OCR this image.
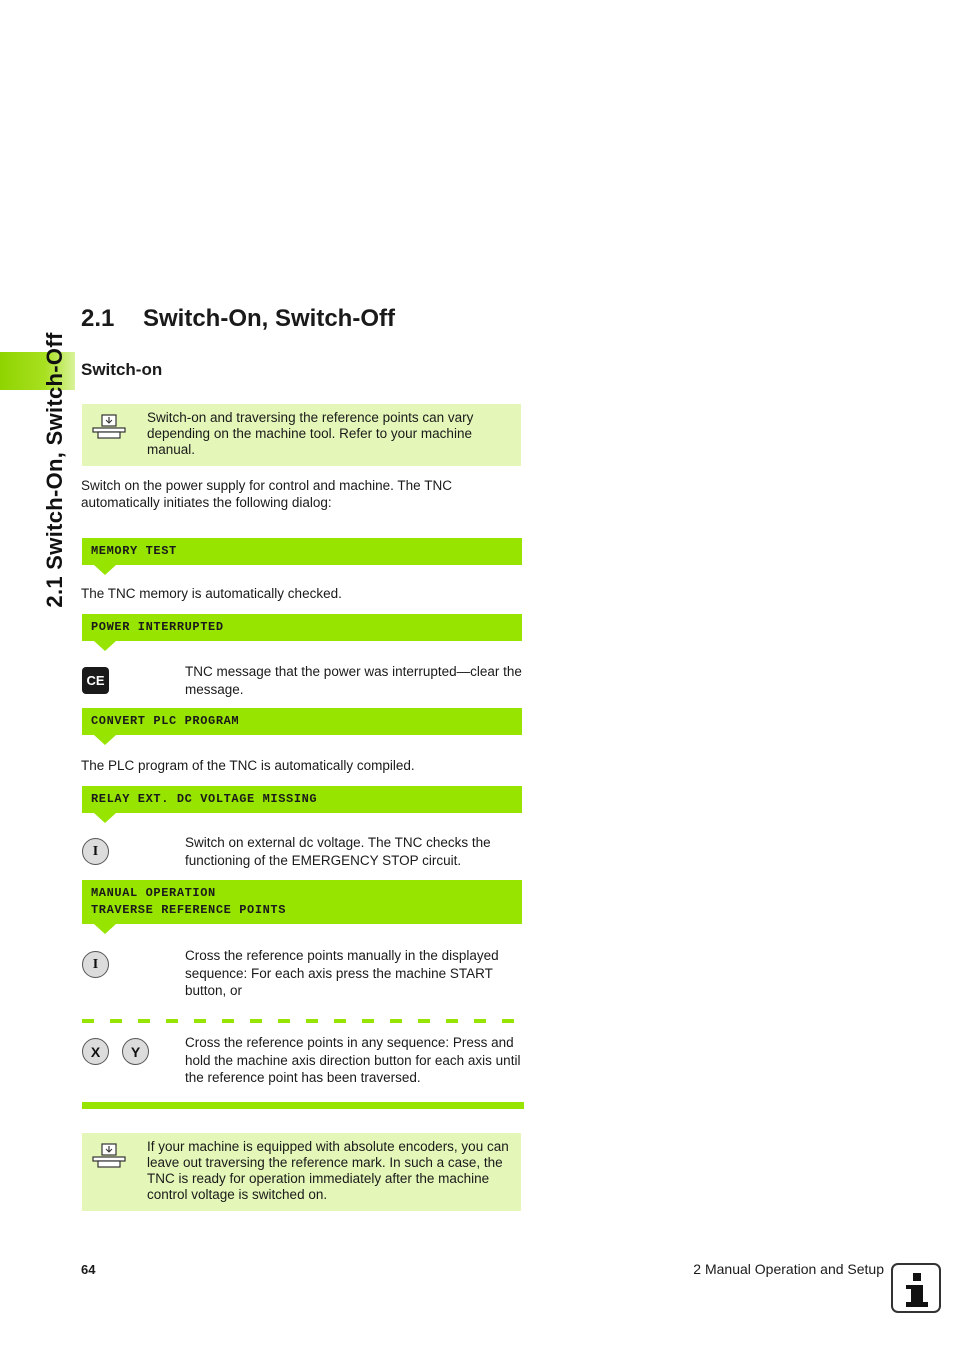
2.1 Switch-On, Switch-Off
2.1 Switch-On, Switch-Off
Switch-on
Switch-on and traversing the reference points can vary depending on the machine tool. Refer to your machine manual.
Switch on the power supply for control and machine. The TNC automatically initiates the following dialog:
MEMORY TEST
The TNC memory is automatically checked.
POWER INTERRUPTED
CE
TNC message that the power was interrupted—clear the message.
CONVERT PLC PROGRAM
The PLC program of the TNC is automatically compiled.
RELAY EXT. DC VOLTAGE MISSING
I
Switch on external dc voltage. The TNC checks the functioning of the EMERGENCY STOP circuit.
MANUAL OPERATION
TRAVERSE REFERENCE POINTS
I
Cross the reference points manually in the displayed sequence: For each axis press the machine START button, or
X	Y
Cross the reference points in any sequence: Press and hold the machine axis direction button for each axis until the reference point has been traversed.
If your machine is equipped with absolute encoders, you can leave out traversing the reference mark. In such a case, the TNC is ready for operation immediately after the machine control voltage is switched on.
64	2 Manual Operation and Setup
